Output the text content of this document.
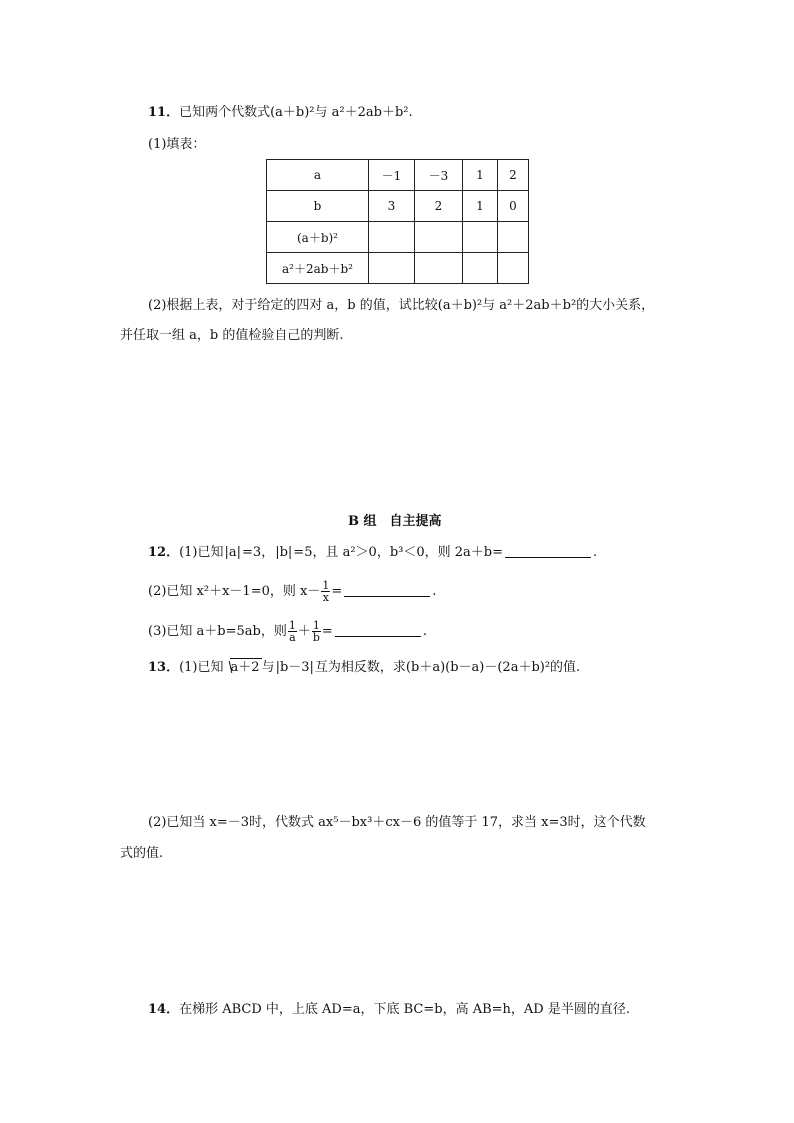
11．已知两个代数式(a＋b)²与 a²＋2ab＋b².
(1)填表：
a	－1	－3	1	2
b	3	2	1	0
(a＋b)²				
a²＋2ab＋b²				
(2)根据上表，对于给定的四对 a，b 的值，试比较(a＋b)²与 a²＋2ab＋b²的大小关系，
并任取一组 a，b 的值检验自己的判断.
B 组　自主提高
12．(1)已知|a|=3，|b|=5，且 a²＞0，b³＜0，则 2a＋b=	.
(2)已知 x²＋x－1=0，则 $x- \frac{1}{x}$ =	.
(3)已知 a＋b=5ab，则 $\frac{1}{a} + \frac{1}{b}$ =	.
13．(1)已知 a＋2 与|b－3|互为相反数，求(b＋a)(b－a)－(2a＋b)²的值.
(2)已知当 x=－3时，代数式 ax⁵－bx³＋cx－6 的值等于 17，求当 x=3时，这个代数
式的值.
14．在梯形 ABCD 中，上底 AD=a，下底 BC=b，高 AB=h，AD 是半圆的直径.
